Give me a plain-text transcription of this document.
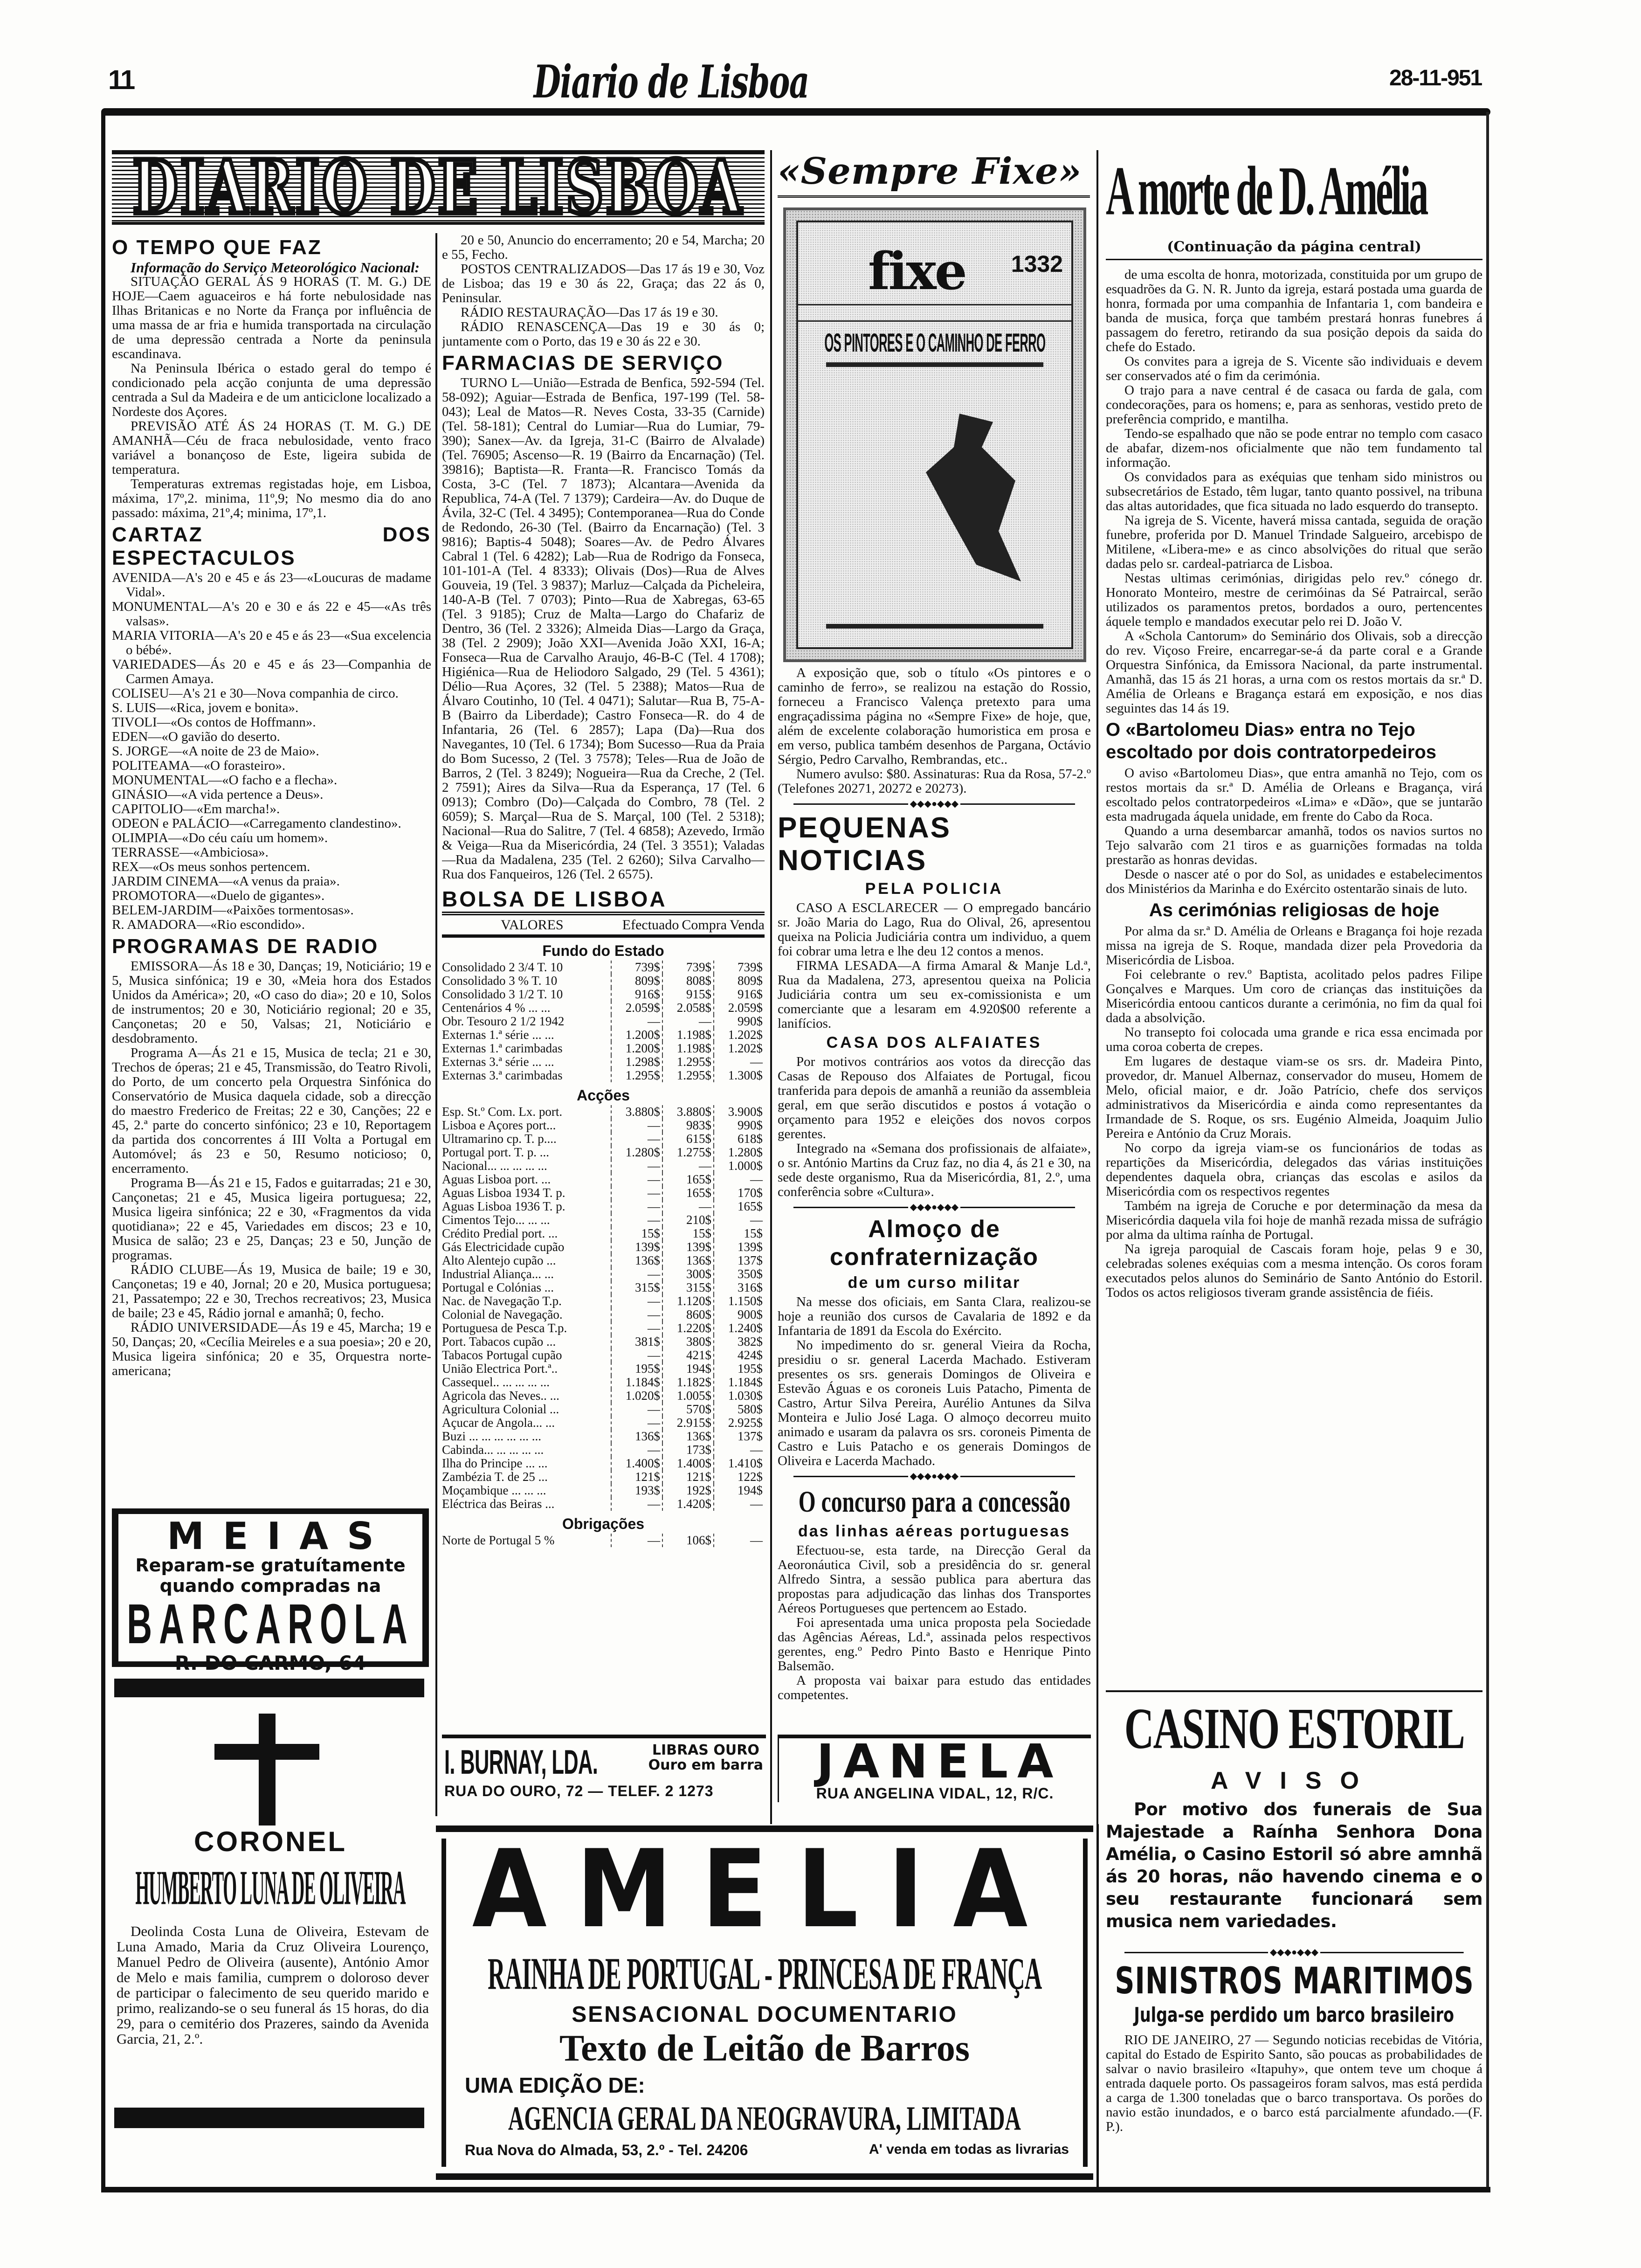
11	Diario de Lisboa	28-11-951
DIARIO DE LISBOA
O TEMPO QUE FAZ

Informação do Serviço Meteorológico Nacional:

SITUAÇÃO GERAL ÁS 9 HORAS (T. M. G.) DE HOJE—Caem aguaceiros e há forte nebulosidade nas Ilhas Britanicas e no Norte da França por influência de uma massa de ar fria e humida transportada na circulação de uma depressão centrada a Norte da peninsula escandinava.

Na Peninsula Ibérica o estado geral do tempo é condicionado pela acção conjunta de uma depressão centrada a Sul da Madeira e de um anticiclone localizado a Nordeste dos Açores.

PREVISÃO ATÉ ÁS 24 HORAS (T. M. G.) DE AMANHÃ—Céu de fraca nebulosidade, vento fraco variável a bonançoso de Este, ligeira subida de temperatura.

Temperaturas extremas registadas hoje, em Lisboa, máxima, 17º,2. minima, 11º,9; No mesmo dia do ano passado: máxima, 21º,4; minima, 17º,1.

CARTAZ DOS ESPECTACULOS

AVENIDA—A's 20 e 45 e ás 23—«Loucuras de madame Vidal».

MONUMENTAL—A's 20 e 30 e ás 22 e 45—«As três valsas».

MARIA VITORIA—A's 20 e 45 e ás 23—«Sua excelencia o bébé».

VARIEDADES—Ás 20 e 45 e ás 23—Companhia de Carmen Amaya.

COLISEU—A's 21 e 30—Nova companhia de circo.

S. LUIS—«Rica, jovem e bonita».

TIVOLI—«Os contos de Hoffmann».

EDEN—«O gavião do deserto.

S. JORGE—«A noite de 23 de Maio».

POLITEAMA—«O forasteiro».

MONUMENTAL—«O facho e a flecha».

GINÁSIO—«A vida pertence a Deus».

CAPITOLIO—«Em marcha!».

ODEON e PALÁCIO—«Carregamento clandestino».

OLIMPIA—«Do céu caíu um homem».

TERRASSE—«Ambiciosa».

REX—«Os meus sonhos pertencem.

JARDIM CINEMA—«A venus da praia».

PROMOTORA—«Duelo de gigantes».

BELEM-JARDIM—«Paixões tormentosas».

R. AMADORA—«Rio escondido».

PROGRAMAS DE RADIO

EMISSORA—Ás 18 e 30, Danças; 19, Noticiário; 19 e 5, Musica sinfónica; 19 e 30, «Meia hora dos Estados Unidos da América»; 20, «O caso do dia»; 20 e 10, Solos de instrumentos; 20 e 30, Noticiário regional; 20 e 35, Cançonetas; 20 e 50, Valsas; 21, Noticiário e desdobramento.

Programa A—Ás 21 e 15, Musica de tecla; 21 e 30, Trechos de óperas; 21 e 45, Transmissão, do Teatro Rivoli, do Porto, de um concerto pela Orquestra Sinfónica do Conservatório de Musica daquela cidade, sob a direcção do maestro Frederico de Freitas; 22 e 30, Canções; 22 e 45, 2.ª parte do concerto sinfónico; 23 e 10, Reportagem da partida dos concorrentes á III Volta a Portugal em Automóvel; ás 23 e 50, Resumo noticioso; 0, encerramento.

Programa B—Ás 21 e 15, Fados e guitarradas; 21 e 30, Cançonetas; 21 e 45, Musica ligeira portuguesa; 22, Musica ligeira sinfónica; 22 e 30, «Fragmentos da vida quotidiana»; 22 e 45, Variedades em discos; 23 e 10, Musica de salão; 23 e 25, Danças; 23 e 50, Junção de programas.

RÁDIO CLUBE—Ás 19, Musica de baile; 19 e 30, Cançonetas; 19 e 40, Jornal; 20 e 20, Musica portuguesa; 21, Passatempo; 22 e 30, Trechos recreativos; 23, Musica de baile; 23 e 45, Rádio jornal e amanhã; 0, fecho.

RÁDIO UNIVERSIDADE—Ás 19 e 45, Marcha; 19 e 50, Danças; 20, «Cecília Meireles e a sua poesia»; 20 e 20, Musica ligeira sinfónica; 20 e 35, Orquestra norte-americana;

MEIAS
Reparam-se gratuítamente
quando compradas na
BARCAROLA
R. DO CARMO, 64
CORONEL
HUMBERTO LUNA DE OLIVEIRA

Deolinda Costa Luna de Oliveira, Estevam de Luna Amado, Maria da Cruz Oliveira Lourenço, Manuel Pedro de Oliveira (ausente), António Amor de Melo e mais familia, cumprem o doloroso dever de participar o falecimento de seu querido marido e primo, realizando-se o seu funeral ás 15 horas, do dia 29, para o cemitério dos Prazeres, saindo da Avenida Garcia, 21, 2.º.

20 e 50, Anuncio do encerramento; 20 e 54, Marcha; 20 e 55, Fecho.

POSTOS CENTRALIZADOS—Das 17 ás 19 e 30, Voz de Lisboa; das 19 e 30 ás 22, Graça; das 22 ás 0, Peninsular.

RÁDIO RESTAURAÇÃO—Das 17 ás 19 e 30.

RÁDIO RENASCENÇA—Das 19 e 30 ás 0; juntamente com o Porto, das 19 e 30 ás 22 e 30.

FARMACIAS DE SERVIÇO

TURNO L—União—Estrada de Benfica, 592-594 (Tel. 58-092); Aguiar—Estrada de Benfica, 197-199 (Tel. 58-043); Leal de Matos—R. Neves Costa, 33-35 (Carnide) (Tel. 58-181); Central do Lumiar—Rua do Lumiar, 79-390); Sanex—Av. da Igreja, 31-C (Bairro de Alvalade) (Tel. 76905; Ascenso—R. 19 (Bairro da Encarnação) (Tel. 39816); Baptista—R. Franta—R. Francisco Tomás da Costa, 3-C (Tel. 7 1873); Alcantara—Avenida da Republica, 74-A (Tel. 7 1379); Cardeira—Av. do Duque de Ávila, 32-C (Tel. 4 3495); Contemporanea—Rua do Conde de Redondo, 26-30 (Tel. (Bairro da Encarnação) (Tel. 3 9816); Baptis-4 5048); Soares—Av. de Pedro Álvares Cabral 1 (Tel. 6 4282); Lab—Rua de Rodrigo da Fonseca, 101-101-A (Tel. 4 8333); Olivais (Dos)—Rua de Alves Gouveia, 19 (Tel. 3 9837); Marluz—Calçada da Picheleira, 140-A-B (Tel. 7 0703); Pinto—Rua de Xabregas, 63-65 (Tel. 3 9185); Cruz de Malta—Largo do Chafariz de Dentro, 36 (Tel. 2 3326); Almeida Dias—Largo da Graça, 38 (Tel. 2 2909); João XXI—Avenida João XXI, 16-A; Fonseca—Rua de Carvalho Araujo, 46-B-C (Tel. 4 1708); Higiénica—Rua de Heliodoro Salgado, 29 (Tel. 5 4361); Délio—Rua Açores, 32 (Tel. 5 2388); Matos—Rua de Álvaro Coutinho, 10 (Tel. 4 0471); Salutar—Rua B, 75-A-B (Bairro da Liberdade); Castro Fonseca—R. do 4 de Infantaria, 26 (Tel. 6 2857); Lapa (Da)—Rua dos Navegantes, 10 (Tel. 6 1734); Bom Sucesso—Rua da Praia do Bom Sucesso, 2 (Tel. 3 7578); Teles—Rua de João de Barros, 2 (Tel. 3 8249); Nogueira—Rua da Creche, 2 (Tel. 2 7591); Aires da Silva—Rua da Esperança, 17 (Tel. 6 0913); Combro (Do)—Calçada do Combro, 78 (Tel. 2 6059); S. Marçal—Rua de S. Marçal, 100 (Tel. 2 5318); Nacional—Rua do Salitre, 7 (Tel. 4 6858); Azevedo, Irmão & Veiga—Rua da Misericórdia, 24 (Tel. 3 3551); Valadas—Rua da Madalena, 235 (Tel. 2 6260); Silva Carvalho—Rua dos Fanqueiros, 126 (Tel. 2 6575).

BOLSA DE LISBOA
VALORES	Efectuado Compra Venda
Fundo do Estado
Consolidado 2 3/4 T. 10	739$	739$	739$
Consolidado 3 % T. 10	809$	808$	809$
Consolidado 3 1/2 T. 10	916$	915$	916$
Centenários 4 % ... ...	2.059$	2.058$	2.059$
Obr. Tesouro 2 1/2 1942	—	—	990$
Externas 1.ª série ... ...	1.200$	1.198$	1.202$
Externas 1.ª carimbadas	1.200$	1.198$	1.202$
Externas 3.ª série ... ...	1.298$	1.295$	—
Externas 3.ª carimbadas	1.295$	1.295$	1.300$
Acções
Esp. St.º Com. Lx. port.	3.880$	3.880$	3.900$
Lisboa e Açores port...	—	983$	990$
Ultramarino cp. T. p....	—	615$	618$
Portugal port. T. p. ...	1.280$	1.275$	1.280$
Nacional... ... ... ... ...	—	—	1.000$
Aguas Lisboa port. ...	—	165$	—
Aguas Lisboa 1934 T. p.	—	165$	170$
Aguas Lisboa 1936 T. p.	—	—	165$
Cimentos Tejo... ... ...	—	210$	—
Crédito Predial port. ...	15$	15$	15$
Gás Electricidade cupão	139$	139$	139$
Alto Alentejo cupão ...	136$	136$	137$
Industrial Aliança... ...	—	300$	350$
Portugal e Colónias ...	315$	315$	316$
Nac. de Navegação T.p.	—	1.120$	1.150$
Colonial de Navegação.	—	860$	900$
Portuguesa de Pesca T.p.	—	1.220$	1.240$
Port. Tabacos cupão ...	381$	380$	382$
Tabacos Portugal cupão	—	421$	424$
União Electrica Port.ª..	195$	194$	195$
Cassequel.. ... ... ... ...	1.184$	1.182$	1.184$
Agricola das Neves.. ...	1.020$	1.005$	1.030$
Agricultura Colonial ...	—	570$	580$
Açucar de Angola... ...	—	2.915$	2.925$
Buzi ... ... ... ... ... ...	136$	136$	137$
Cabinda... ... ... ... ...	—	173$	—
Ilha do Principe ... ...	1.400$	1.400$	1.410$
Zambézia T. de 25 ...	121$	121$	122$
Moçambique ... ... ...	193$	192$	194$
Eléctrica das Beiras ...	—	1.420$	—
Obrigações
Norte de Portugal 5 %	—	106$	—
I. BURNAY, LDA.	LIBRAS OURO
Ouro em barra
RUA DO OURO, 72 — TELEF. 2 1273
«Sempre Fixe»
fixe 1332
OS PINTORES E O CAMINHO DE FERRO

A exposição que, sob o título «Os pintores e o caminho de ferro», se realizou na estação do Rossio, forneceu a Francisco Valença pretexto para uma engraçadissima página no «Sempre Fixe» de hoje, que, além de excelente colaboração humoristica em prosa e em verso, publica também desenhos de Pargana, Octávio Sérgio, Pedro Carvalho, Rembrandas, etc..

Numero avulso: $80. Assinaturas: Rua da Rosa, 57-2.º (Telefones 20271, 20272 e 20273).

◆◆◆●◆◆◆
PEQUENAS NOTICIAS
PELA POLICIA

CASO A ESCLARECER — O empregado bancário sr. João Maria do Lago, Rua do Olival, 26, apresentou queixa na Policia Judiciária contra um individuo, a quem foi cobrar uma letra e lhe deu 12 contos a menos.

FIRMA LESADA—A firma Amaral & Manje Ld.ª, Rua da Madalena, 273, apresentou queixa na Policia Judiciária contra um seu ex-comissionista e um comerciante que a lesaram em 4.920$00 referente a lanifícios.

CASA DOS ALFAIATES

Por motivos contrários aos votos da direcção das Casas de Repouso dos Alfaiates de Portugal, ficou tranferida para depois de amanhã a reunião da assembleia geral, em que serão discutidos e postos á votação o orçamento para 1952 e eleições dos novos corpos gerentes.

Integrado na «Semana dos profissionais de alfaiate», o sr. António Martins da Cruz faz, no dia 4, ás 21 e 30, na sede deste organismo, Rua da Misericórdia, 81, 2.º, uma conferência sobre «Cultura».

◆◆◆●◆◆◆
Almoço de confraternização
de um curso militar

Na messe dos oficiais, em Santa Clara, realizou-se hoje a reunião dos cursos de Cavalaria de 1892 e da Infantaria de 1891 da Escola do Exército.

No impedimento do sr. general Vieira da Rocha, presidiu o sr. general Lacerda Machado. Estiveram presentes os srs. generais Domingos de Oliveira e Estevão Águas e os coroneis Luis Patacho, Pimenta de Castro, Artur Silva Pereira, Aurélio Antunes da Silva Monteira e Julio José Laga. O almoço decorreu muito animado e usaram da palavra os srs. coroneis Pimenta de Castro e Luis Patacho e os generais Domingos de Oliveira e Lacerda Machado.

◆◆◆●◆◆◆
O concurso para a concessão
das linhas aéreas portuguesas

Efectuou-se, esta tarde, na Direcção Geral da Aeoronáutica Civil, sob a presidência do sr. general Alfredo Sintra, a sessão publica para abertura das propostas para adjudicação das linhas dos Transportes Aéreos Portugueses que pertencem ao Estado.

Foi apresentada uma unica proposta pela Sociedade das Agências Aéreas, Ld.ª, assinada pelos respectivos gerentes, eng.º Pedro Pinto Basto e Henrique Pinto Balsemão.

A proposta vai baixar para estudo das entidades competentes.

JANELA
RUA ANGELINA VIDAL, 12, R/C.
AMELIA
RAINHA DE PORTUGAL - PRINCESA DE FRANÇA
SENSACIONAL DOCUMENTARIO
Texto de Leitão de Barros
UMA EDIÇÃO DE:
AGENCIA GERAL DA NEOGRAVURA, LIMITADA
Rua Nova do Almada, 53, 2.º - Tel. 24206	A' venda em todas as livrarias
A morte de D. Amélia
(Continuação da página central)

de uma escolta de honra, motorizada, constituida por um grupo de esquadrões da G. N. R. Junto da igreja, estará postada uma guarda de honra, formada por uma companhia de Infantaria 1, com bandeira e banda de musica, força que também prestará honras funebres á passagem do feretro, retirando da sua posição depois da saida do chefe do Estado.

Os convites para a igreja de S. Vicente são individuais e devem ser conservados até o fim da cerimónia.

O trajo para a nave central é de casaca ou farda de gala, com condecorações, para os homens; e, para as senhoras, vestido preto de preferência comprido, e mantilha.

Tendo-se espalhado que não se pode entrar no templo com casaco de abafar, dizem-nos oficialmente que não tem fundamento tal informação.

Os convidados para as exéquias que tenham sido ministros ou subsecretários de Estado, têm lugar, tanto quanto possivel, na tribuna das altas autoridades, que fica situada no lado esquerdo do transepto.

Na igreja de S. Vicente, haverá missa cantada, seguida de oração funebre, proferida por D. Manuel Trindade Salgueiro, arcebispo de Mitilene, «Libera-me» e as cinco absolvições do ritual que serão dadas pelo sr. cardeal-patriarca de Lisboa.

Nestas ultimas cerimónias, dirigidas pelo rev.º cónego dr. Honorato Monteiro, mestre de cerimóinas da Sé Patraircal, serão utilizados os paramentos pretos, bordados a ouro, pertencentes áquele templo e mandados executar pelo rei D. João V.

A «Schola Cantorum» do Seminário dos Olivais, sob a direcção do rev. Viçoso Freire, encarregar-se-á da parte coral e a Grande Orquestra Sinfónica, da Emissora Nacional, da parte instrumental. Amanhã, das 15 ás 21 horas, a urna com os restos mortais da sr.ª D. Amélia de Orleans e Bragança estará em exposição, e nos dias seguintes das 14 ás 19.

O «Bartolomeu Dias» entra no Tejo escoltado por dois contratorpedeiros

O aviso «Bartolomeu Dias», que entra amanhã no Tejo, com os restos mortais da sr.ª D. Amélia de Orleans e Bragança, virá escoltado pelos contratorpedeiros «Lima» e «Dão», que se juntarão esta madrugada áquela unidade, em frente do Cabo da Roca.

Quando a urna desembarcar amanhã, todos os navios surtos no Tejo salvarão com 21 tiros e as guarnições formadas na tolda prestarão as honras devidas.

Desde o nascer até o por do Sol, as unidades e estabelecimentos dos Ministérios da Marinha e do Exército ostentarão sinais de luto.

As cerimónias religiosas de hoje

Por alma da sr.ª D. Amélia de Orleans e Bragança foi hoje rezada missa na igreja de S. Roque, mandada dizer pela Provedoria da Misericórdia de Lisboa.

Foi celebrante o rev.º Baptista, acolitado pelos padres Filipe Gonçalves e Marques. Um coro de crianças das instituições da Misericórdia entoou canticos durante a cerimónia, no fim da qual foi dada a absolvição.

No transepto foi colocada uma grande e rica essa encimada por uma coroa coberta de crepes.

Em lugares de destaque viam-se os srs. dr. Madeira Pinto, provedor, dr. Manuel Albernaz, conservador do museu, Homem de Melo, oficial maior, e dr. João Patrício, chefe dos serviços administrativos da Misericórdia e ainda como representantes da Irmandade de S. Roque, os srs. Eugénio Almeida, Joaquim Julio Pereira e António da Cruz Morais.

No corpo da igreja viam-se os funcionários de todas as repartições da Misericórdia, delegados das várias instituições dependentes daquela obra, crianças das escolas e asilos da Misericórdia com os respectivos regentes

Também na igreja de Coruche e por determinação da mesa da Misericórdia daquela vila foi hoje de manhã rezada missa de sufrágio por alma da ultima raínha de Portugal.

Na igreja paroquial de Cascais foram hoje, pelas 9 e 30, celebradas solenes exéquias com a mesma intenção. Os coros foram executados pelos alunos do Seminário de Santo António do Estoril. Todos os actos religiosos tiveram grande assistência de fiéis.

CASINO ESTORIL
AVISO
Por motivo dos funerais de Sua Majestade a Raínha Senhora Dona Amélia, o Casino Estoril só abre amnhã ás 20 horas, não havendo cinema e o seu restaurante funcionará sem musica nem variedades.
◆◆◆●◆◆◆
SINISTROS MARITIMOS
Julga-se perdido um barco brasileiro

RIO DE JANEIRO, 27 — Segundo noticias recebidas de Vitória, capital do Estado de Espirito Santo, são poucas as probabilidades de salvar o navio brasileiro «Itapuhy», que ontem teve um choque á entrada daquele porto. Os passageiros foram salvos, mas está perdida a carga de 1.300 toneladas que o barco transportava. Os porões do navio estão inundados, e o barco está parcialmente afundado.—(F. P.).
